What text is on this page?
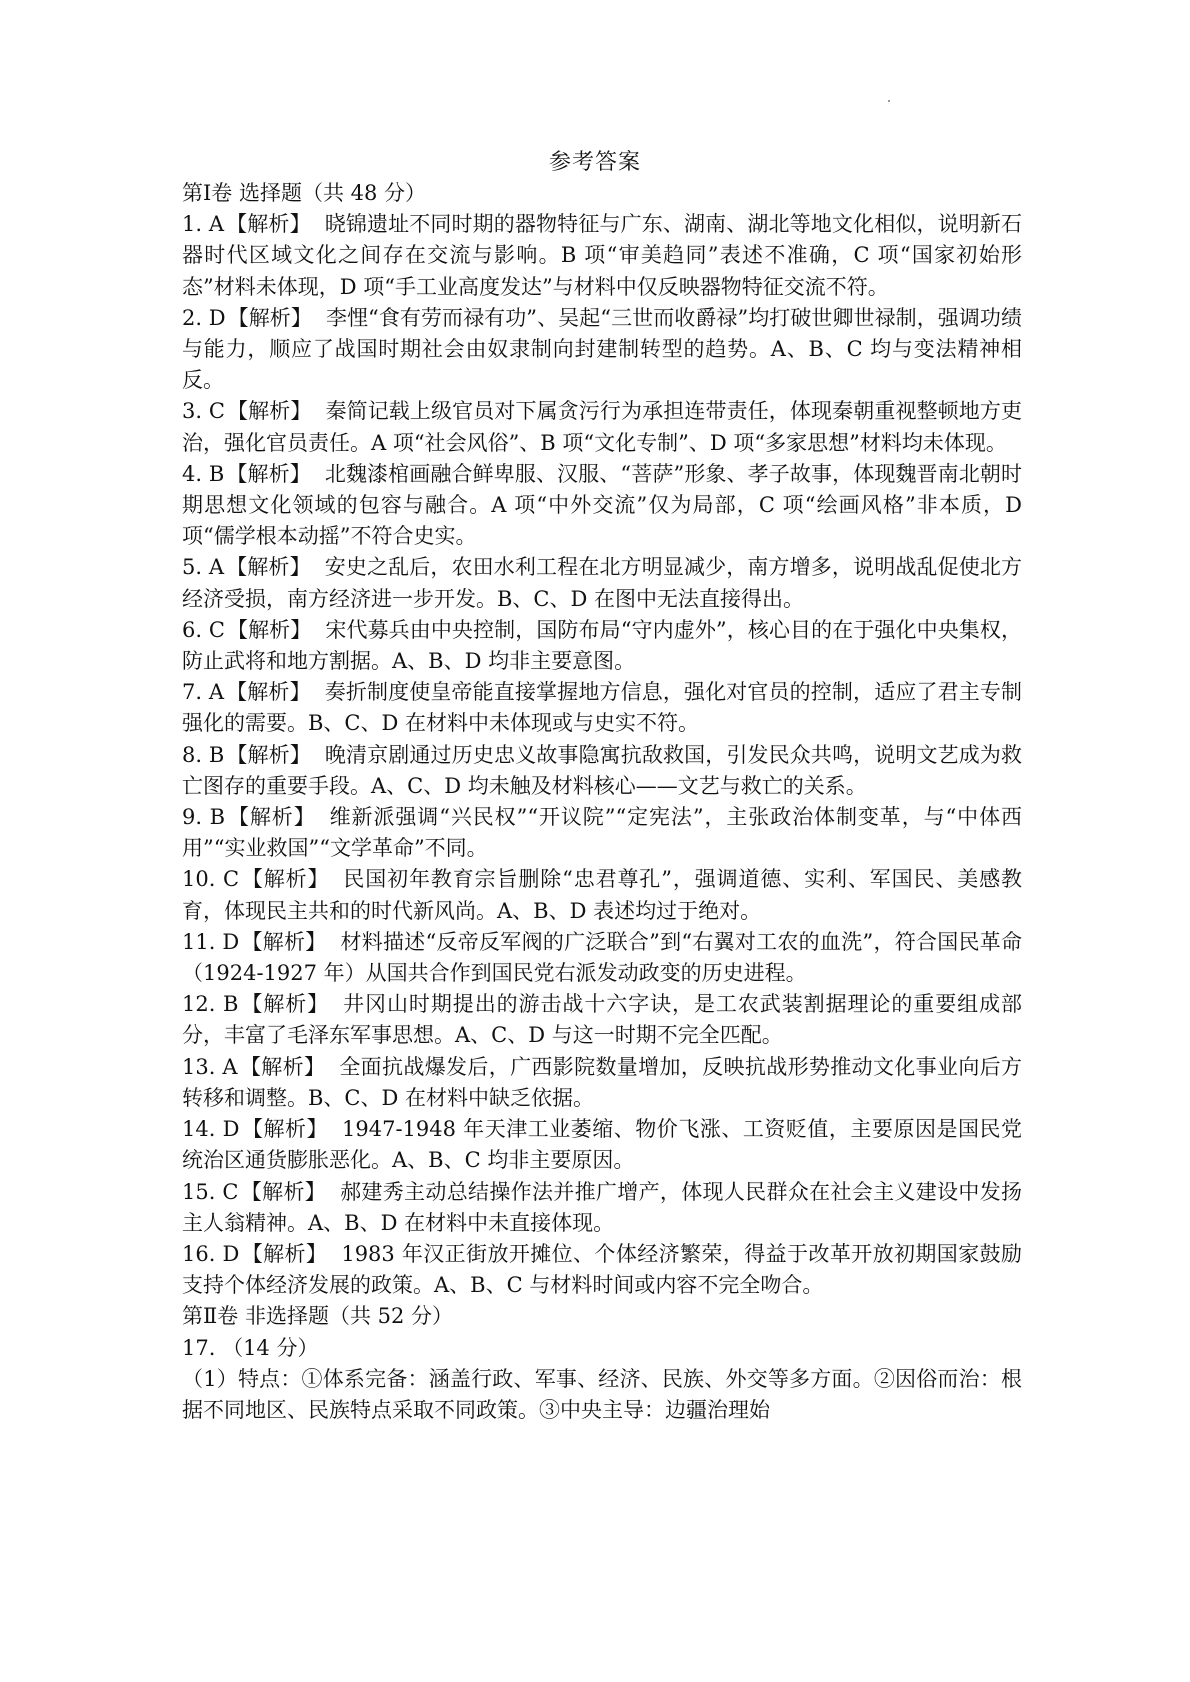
参考答案

第Ⅰ卷 选择题（共 48 分）

1. A【解析】 晓锦遗址不同时期的器物特征与广东、湖南、湖北等地文化相似，说明新石器时代区域文化之间存在交流与影响。B 项“审美趋同”表述不准确，C 项“国家初始形态”材料未体现，D 项“手工业高度发达”与材料中仅反映器物特征交流不符。

2. D【解析】 李悝“食有劳而禄有功”、吴起“三世而收爵禄”均打破世卿世禄制，强调功绩与能力，顺应了战国时期社会由奴隶制向封建制转型的趋势。A、B、C 均与变法精神相反。

3. C【解析】 秦简记载上级官员对下属贪污行为承担连带责任，体现秦朝重视整顿地方吏治，强化官员责任。A 项“社会风俗”、B 项“文化专制”、D 项“多家思想”材料均未体现。

4. B【解析】 北魏漆棺画融合鲜卑服、汉服、“菩萨”形象、孝子故事，体现魏晋南北朝时期思想文化领域的包容与融合。A 项“中外交流”仅为局部，C 项“绘画风格”非本质，D 项“儒学根本动摇”不符合史实。

5. A【解析】 安史之乱后，农田水利工程在北方明显减少，南方增多，说明战乱促使北方经济受损，南方经济进一步开发。B、C、D 在图中无法直接得出。

6. C【解析】 宋代募兵由中央控制，国防布局“守内虚外”，核心目的在于强化中央集权，防止武将和地方割据。A、B、D 均非主要意图。

7. A【解析】 奏折制度使皇帝能直接掌握地方信息，强化对官员的控制，适应了君主专制强化的需要。B、C、D 在材料中未体现或与史实不符。

8. B【解析】 晚清京剧通过历史忠义故事隐寓抗敌救国，引发民众共鸣，说明文艺成为救亡图存的重要手段。A、C、D 均未触及材料核心——文艺与救亡的关系。

9. B【解析】 维新派强调“兴民权”“开议院”“定宪法”，主张政治体制变革，与“中体西用”“实业救国”“文学革命”不同。

10. C【解析】 民国初年教育宗旨删除“忠君尊孔”，强调道德、实利、军国民、美感教育，体现民主共和的时代新风尚。A、B、D 表述均过于绝对。

11. D【解析】 材料描述“反帝反军阀的广泛联合”到“右翼对工农的血洗”，符合国民革命（1924-1927 年）从国共合作到国民党右派发动政变的历史进程。

12. B【解析】 井冈山时期提出的游击战十六字诀，是工农武装割据理论的重要组成部分，丰富了毛泽东军事思想。A、C、D 与这一时期不完全匹配。

13. A【解析】 全面抗战爆发后，广西影院数量增加，反映抗战形势推动文化事业向后方转移和调整。B、C、D 在材料中缺乏依据。

14. D【解析】 1947-1948 年天津工业萎缩、物价飞涨、工资贬值，主要原因是国民党统治区通货膨胀恶化。A、B、C 均非主要原因。

15. C【解析】 郝建秀主动总结操作法并推广增产，体现人民群众在社会主义建设中发扬主人翁精神。A、B、D 在材料中未直接体现。

16. D【解析】 1983 年汉正街放开摊位、个体经济繁荣，得益于改革开放初期国家鼓励支持个体经济发展的政策。A、B、C 与材料时间或内容不完全吻合。

第Ⅱ卷 非选择题（共 52 分）

17. （14 分）

（1）特点：①体系完备：涵盖行政、军事、经济、民族、外交等多方面。②因俗而治：根据不同地区、民族特点采取不同政策。③中央主导：边疆治理始
